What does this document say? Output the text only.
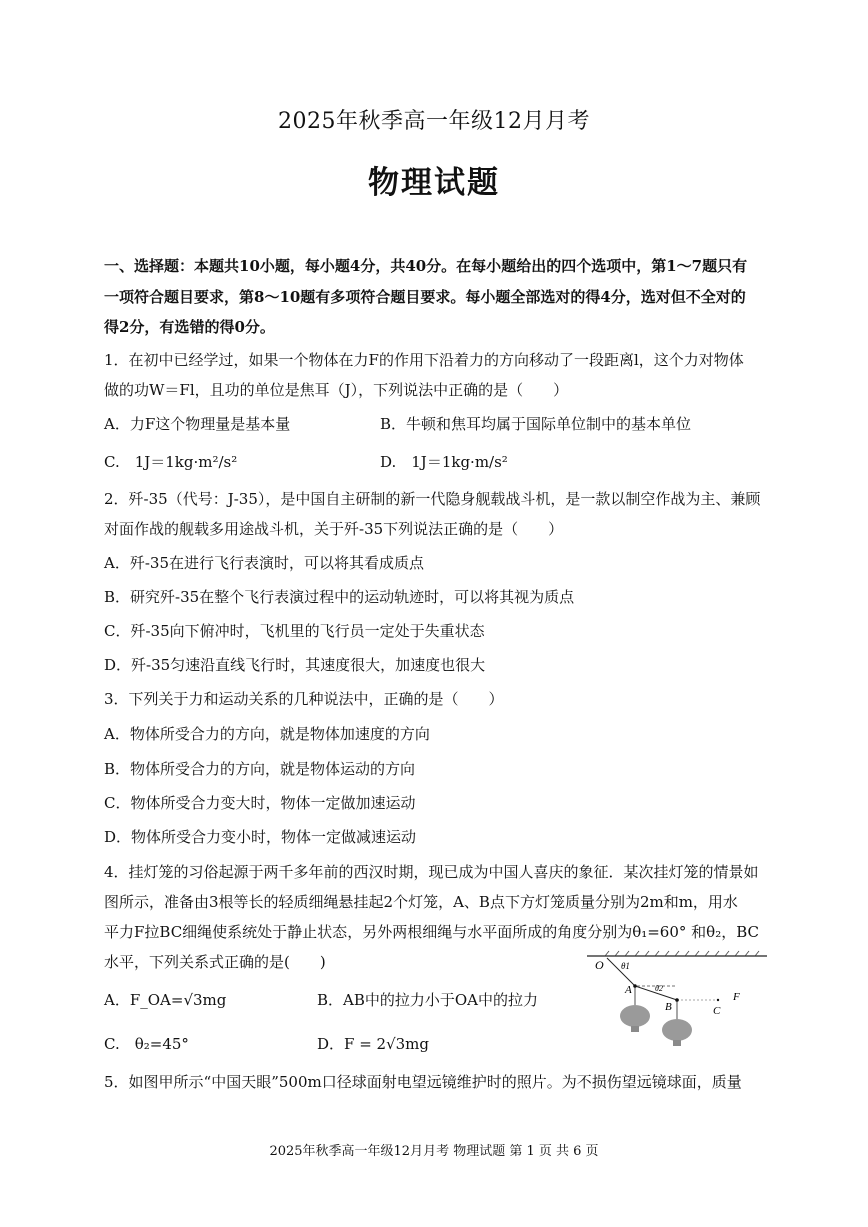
2025年秋季高一年级12月月考
物理试题
一、选择题：本题共10小题，每小题4分，共40分。在每小题给出的四个选项中，第1～7题只有
一项符合题目要求，第8～10题有多项符合题目要求。每小题全部选对的得4分，选对但不全对的
得2分，有选错的得0分。
1．在初中已经学过，如果一个物体在力F的作用下沿着力的方向移动了一段距离l，这个力对物体
做的功W＝Fl，且功的单位是焦耳（J），下列说法中正确的是（　　）
A．力F这个物理量是基本量	B．牛顿和焦耳均属于国际单位制中的基本单位
C.　1J＝1kg·m²/s²	D.　1J＝1kg·m/s²
2．歼-35（代号：J-35），是中国自主研制的新一代隐身舰载战斗机，是一款以制空作战为主、兼顾
对面作战的舰载多用途战斗机，关于歼-35下列说法正确的是（　　）
A．歼-35在进行飞行表演时，可以将其看成质点
B．研究歼-35在整个飞行表演过程中的运动轨迹时，可以将其视为质点
C．歼-35向下俯冲时，飞机里的飞行员一定处于失重状态
D．歼-35匀速沿直线飞行时，其速度很大，加速度也很大
3．下列关于力和运动关系的几种说法中，正确的是（　　）
A．物体所受合力的方向，就是物体加速度的方向
B．物体所受合力的方向，就是物体运动的方向
C．物体所受合力变大时，物体一定做加速运动
D．物体所受合力变小时，物体一定做减速运动
4．挂灯笼的习俗起源于两千多年前的西汉时期，现已成为中国人喜庆的象征．某次挂灯笼的情景如
图所示，准备由3根等长的轻质细绳悬挂起2个灯笼，A、B点下方灯笼质量分别为2m和m，用水
平力F拉BC细绳使系统处于静止状态，另外两根细绳与水平面所成的角度分别为θ₁=60° 和θ₂，BC
水平，下列关系式正确的是(　　)
A．F_OA=√3mg	B．AB中的拉力小于OA中的拉力
C.　θ₂=45°	D．F = 2√3mg
O θ1
θ2
A
B	C
F
5．如图甲所示“中国天眼”500m口径球面射电望远镜维护时的照片。为不损伤望远镜球面，质量
2025年秋季高一年级12月月考 物理试题 第 1 页 共 6 页
